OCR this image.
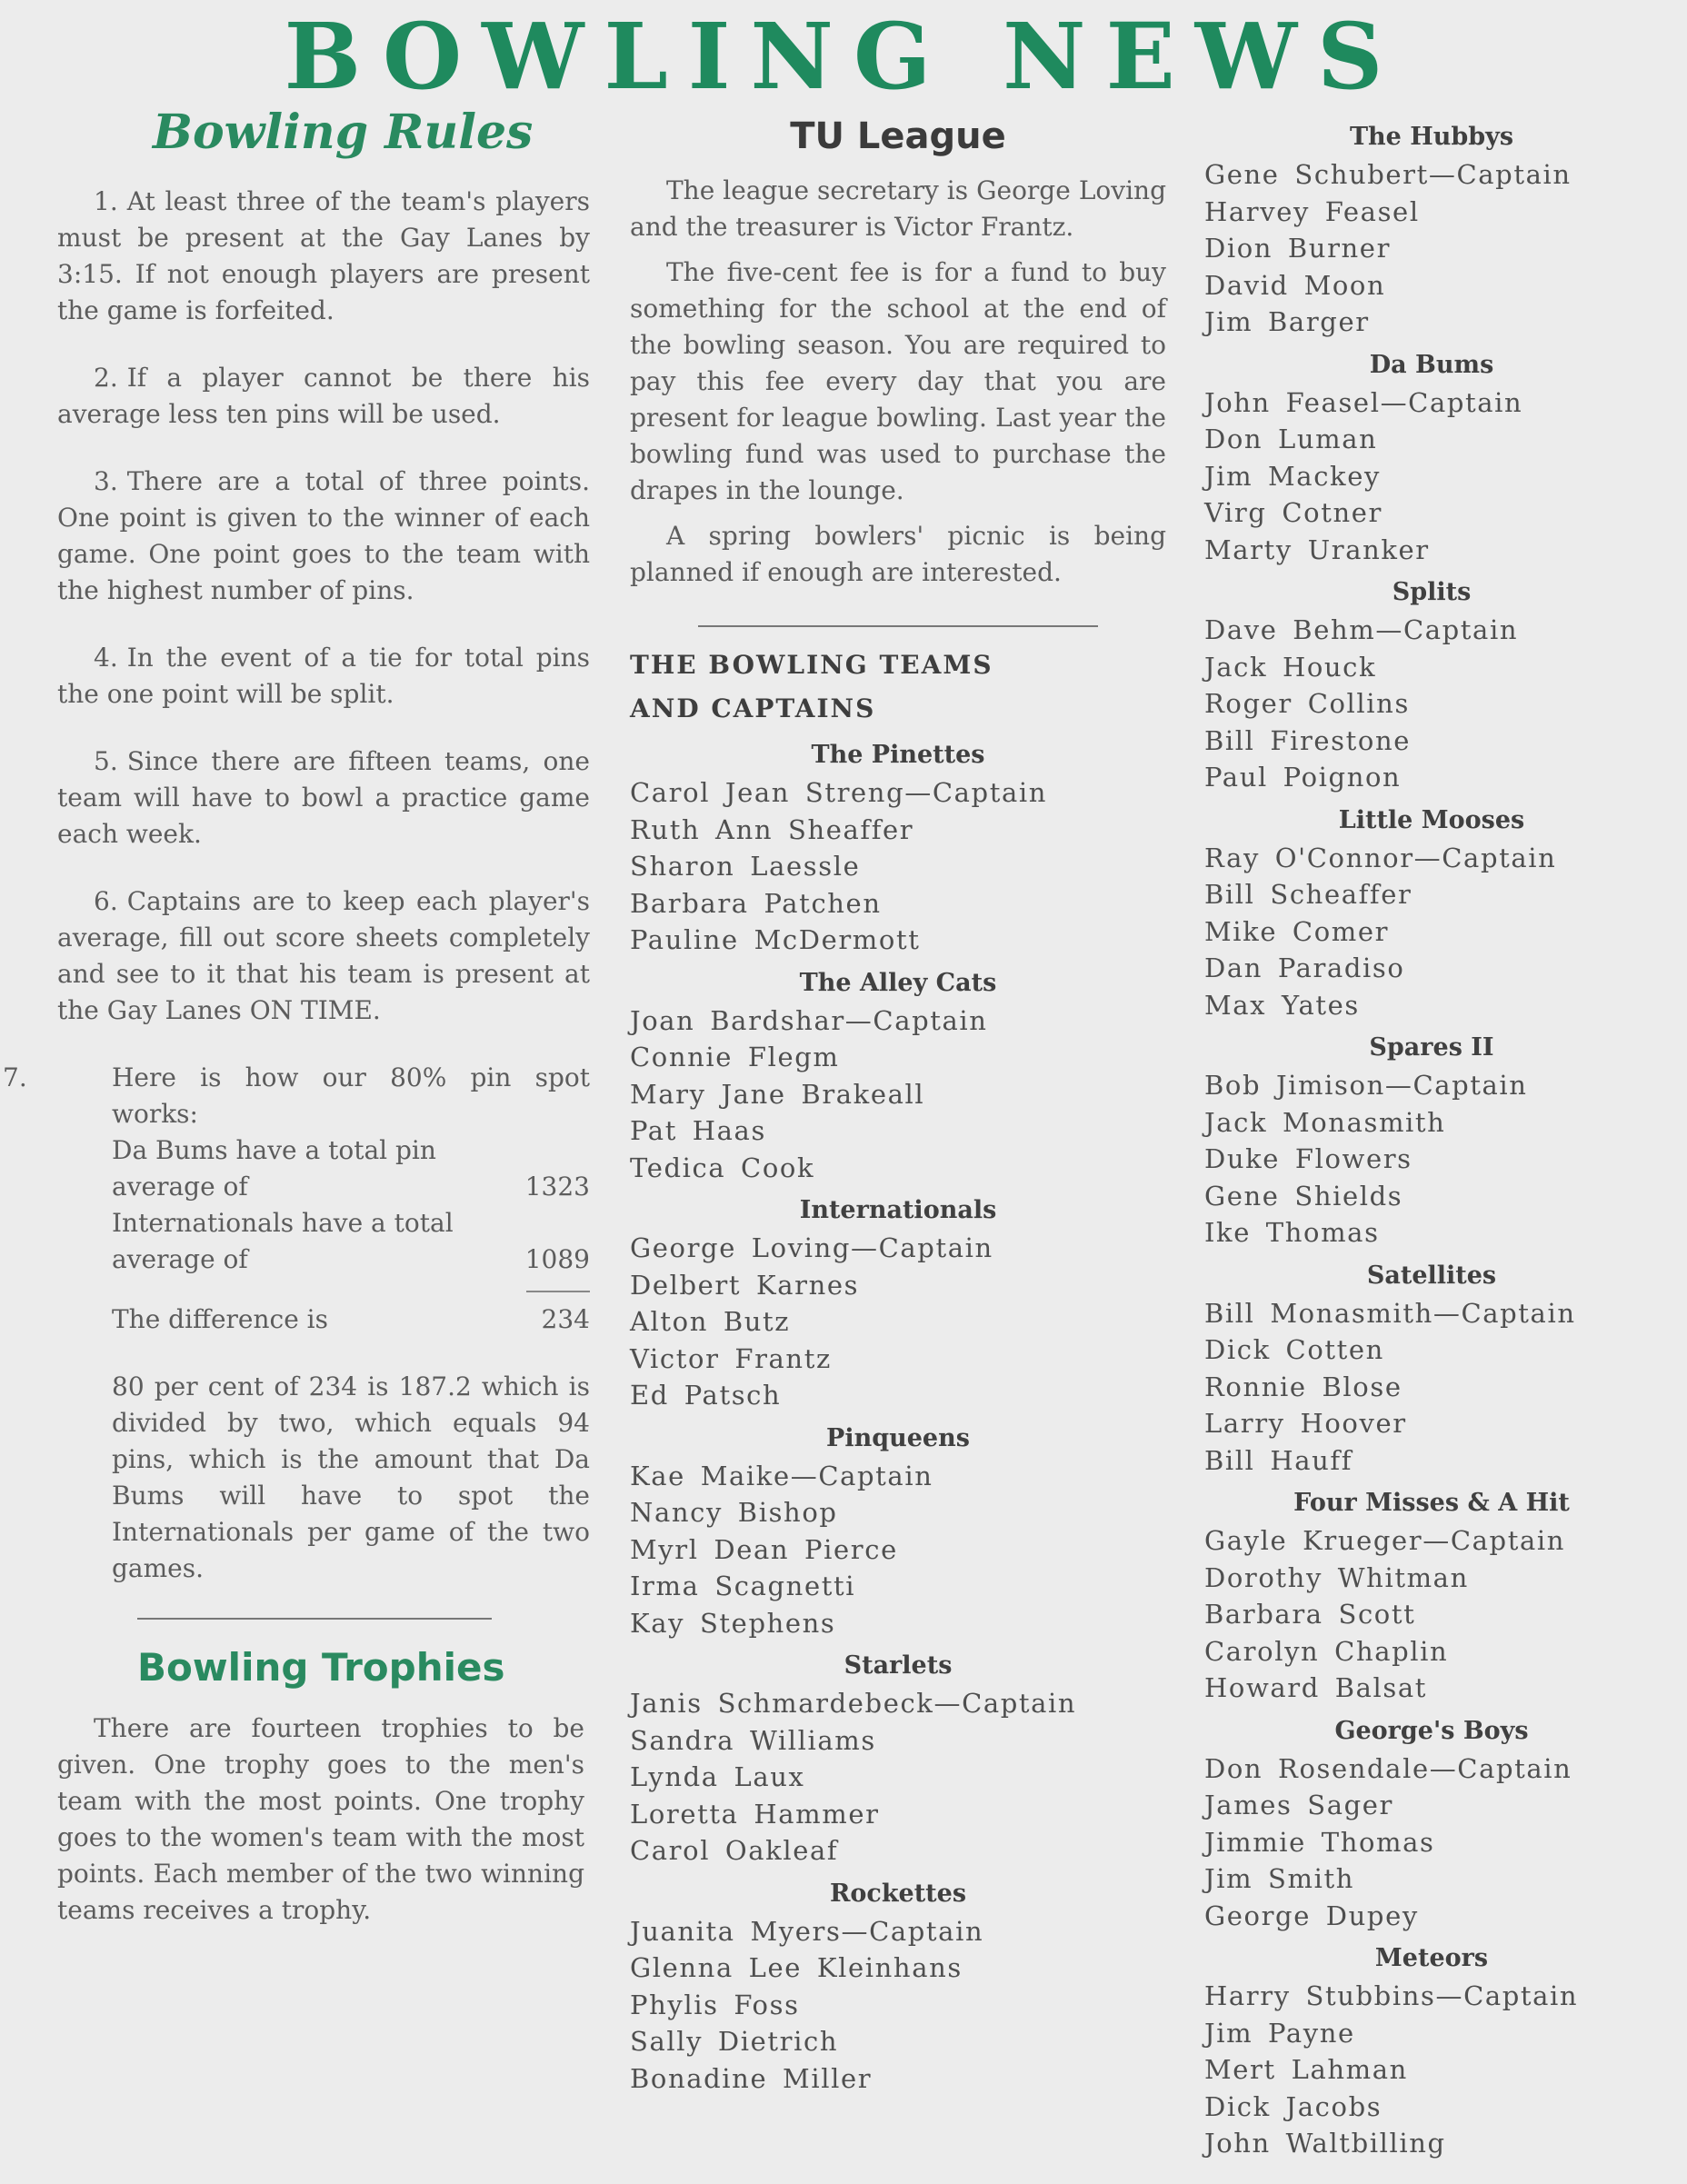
BOWLING NEWS
Bowling Rules

1. At least three of the team's players must be present at the Gay Lanes by 3:15. If not enough players are present the game is forfeited.

2. If a player cannot be there his average less ten pins will be used.

3. There are a total of three points. One point is given to the winner of each game. One point goes to the team with the highest number of pins.

4. In the event of a tie for total pins the one point will be split.

5. Since there are fifteen teams, one team will have to bowl a practice game each week.

6. Captains are to keep each player's average, fill out score sheets completely and see to it that his team is present at the Gay Lanes ON TIME.

7.	Here is how our 80% pin spot works:

Da Bums have a total pin average of	1323
Internationals have a total average of	1089
The difference is	234

80 per cent of 234 is 187.2 which is divided by two, which equals 94 pins, which is the amount that Da Bums will have to spot the Internationals per game of the two games.

Bowling Trophies

There are fourteen trophies to be given. One trophy goes to the men's team with the most points. One trophy goes to the women's team with the most points. Each member of the two winning teams receives a trophy.

TU League

The league secretary is George Loving and the treasurer is Victor Frantz.

The five-cent fee is for a fund to buy something for the school at the end of the bowling season. You are required to pay this fee every day that you are present for league bowling. Last year the bowling fund was used to purchase the drapes in the lounge.

A spring bowlers' picnic is being planned if enough are interested.

THE BOWLING TEAMS
AND CAPTAINS
The Pinettes
Carol Jean Streng—Captain
Ruth Ann Sheaffer
Sharon Laessle
Barbara Patchen
Pauline McDermott
The Alley Cats
Joan Bardshar—Captain
Connie Flegm
Mary Jane Brakeall
Pat Haas
Tedica Cook
Internationals
George Loving—Captain
Delbert Karnes
Alton Butz
Victor Frantz
Ed Patsch
Pinqueens
Kae Maike—Captain
Nancy Bishop
Myrl Dean Pierce
Irma Scagnetti
Kay Stephens
Starlets
Janis Schmardebeck—Captain
Sandra Williams
Lynda Laux
Loretta Hammer
Carol Oakleaf
Rockettes
Juanita Myers—Captain
Glenna Lee Kleinhans
Phylis Foss
Sally Dietrich
Bonadine Miller
The Hubbys
Gene Schubert—Captain
Harvey Feasel
Dion Burner
David Moon
Jim Barger
Da Bums
John Feasel—Captain
Don Luman
Jim Mackey
Virg Cotner
Marty Uranker
Splits
Dave Behm—Captain
Jack Houck
Roger Collins
Bill Firestone
Paul Poignon
Little Mooses
Ray O'Connor—Captain
Bill Scheaffer
Mike Comer
Dan Paradiso
Max Yates
Spares II
Bob Jimison—Captain
Jack Monasmith
Duke Flowers
Gene Shields
Ike Thomas
Satellites
Bill Monasmith—Captain
Dick Cotten
Ronnie Blose
Larry Hoover
Bill Hauff
Four Misses & A Hit
Gayle Krueger—Captain
Dorothy Whitman
Barbara Scott
Carolyn Chaplin
Howard Balsat
George's Boys
Don Rosendale—Captain
James Sager
Jimmie Thomas
Jim Smith
George Dupey
Meteors
Harry Stubbins—Captain
Jim Payne
Mert Lahman
Dick Jacobs
John Waltbilling
